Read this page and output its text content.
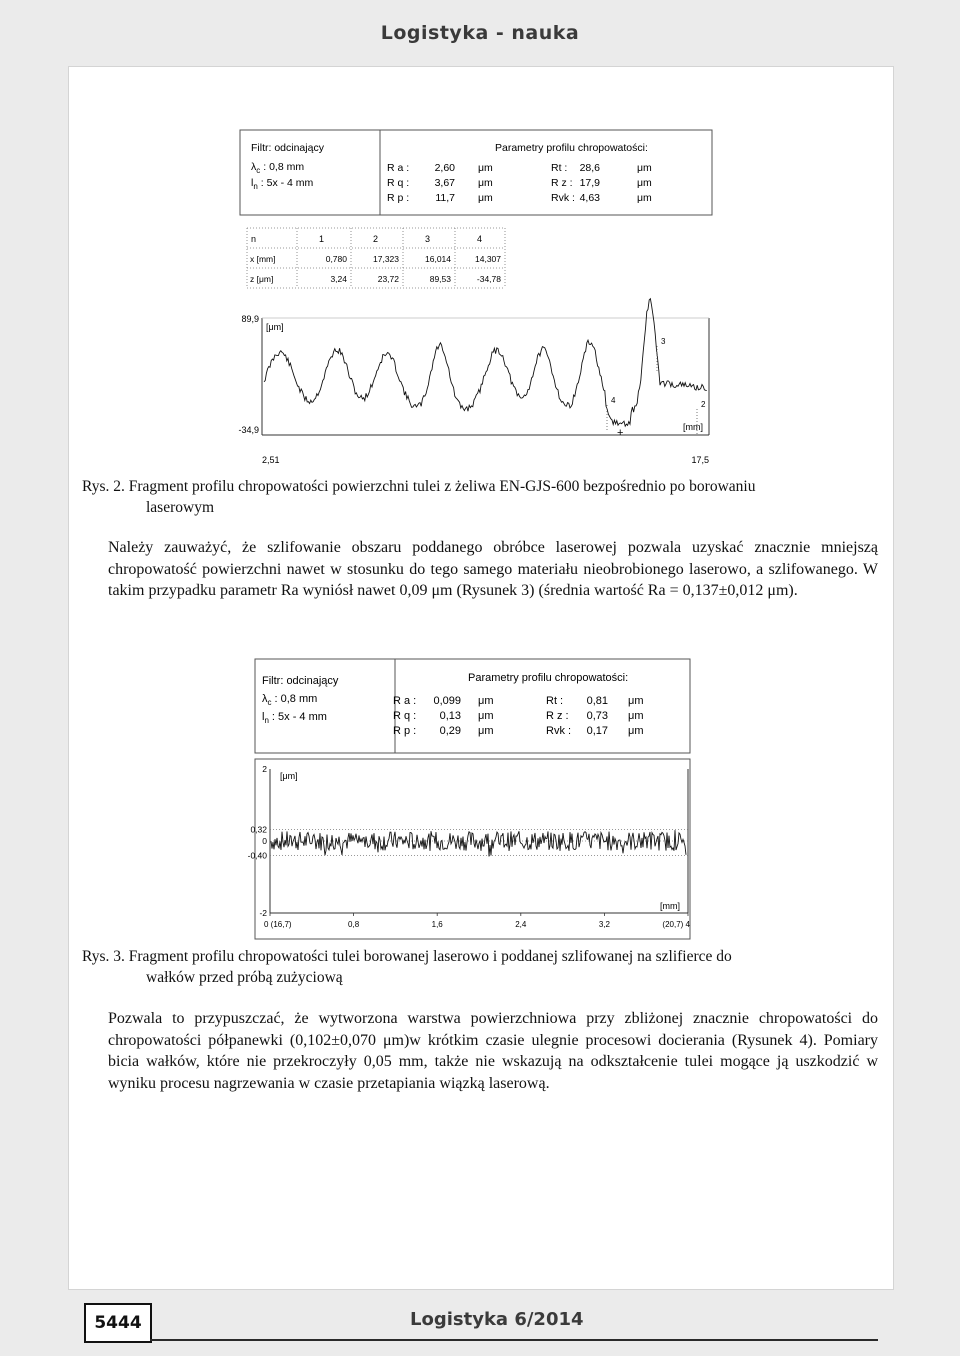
Logistyka - nauka
Filtr: odcinający
$\lambda_c$ : 0,8 mm
$l_n$ : 5x - 4 mm
Parametry profilu chropowatości:
R a : 2,60 μm	Rt : 28,6	μm
R q : 3,67 μm	R z : 17,9	μm
R p : 11,7 μm	Rvk : 4,63	μm
n	1	2	3	4
x [mm]	0,780	17,323	16,014	14,307
z [μm]	3,24	23,72	89,53	-34,78
89,9
-34,9
[μm]
[mm]
2,51	17,5
3
4	2
+
Rys. 2. Fragment profilu chropowatości powierzchni tulei z żeliwa EN-GJS-600 bezpośrednio po borowaniu
laserowym
Należy zauważyć, że szlifowanie obszaru poddanego obróbce laserowej pozwala uzyskać znacznie mniejszą chropowatość powierzchni nawet w stosunku do tego samego materiału nieobrobionego laserowo, a szlifowanego. W takim przypadku parametr Ra wyniósł nawet 0,09 μm (Rysunek 3) (średnia wartość Ra = 0,137±0,012 μm).
Filtr: odcinający
$\lambda_c$ : 0,8 mm
$l_n$ : 5x - 4 mm
Parametry profilu chropowatości:
R a : 0,099 μm	Rt : 0,81 μm
R q : 0,13 μm	R z : 0,73 μm
R p : 0,29 μm	Rvk : 0,17 μm
2
0,32
0
-0,40
-2
[μm]
[mm]
0 (16,7)	0,8	1,6	2,4	3,2	(20,7) 4
Rys. 3. Fragment profilu chropowatości tulei borowanej laserowo i poddanej szlifowanej na szlifierce do
wałków przed próbą zużyciową
Pozwala to przypuszczać, że wytworzona warstwa powierzchniowa przy zbliżonej znacznie chropowatości do chropowatości półpanewki (0,102±0,070 μm)w krótkim czasie ulegnie procesowi docierania (Rysunek 4). Pomiary bicia wałków, które nie przekroczyły 0,05 mm, także nie wskazują na odkształcenie tulei mogące ją uszkodzić w wyniku procesu nagrzewania w czasie przetapiania wiązką laserową.
5444	Logistyka 6/2014
